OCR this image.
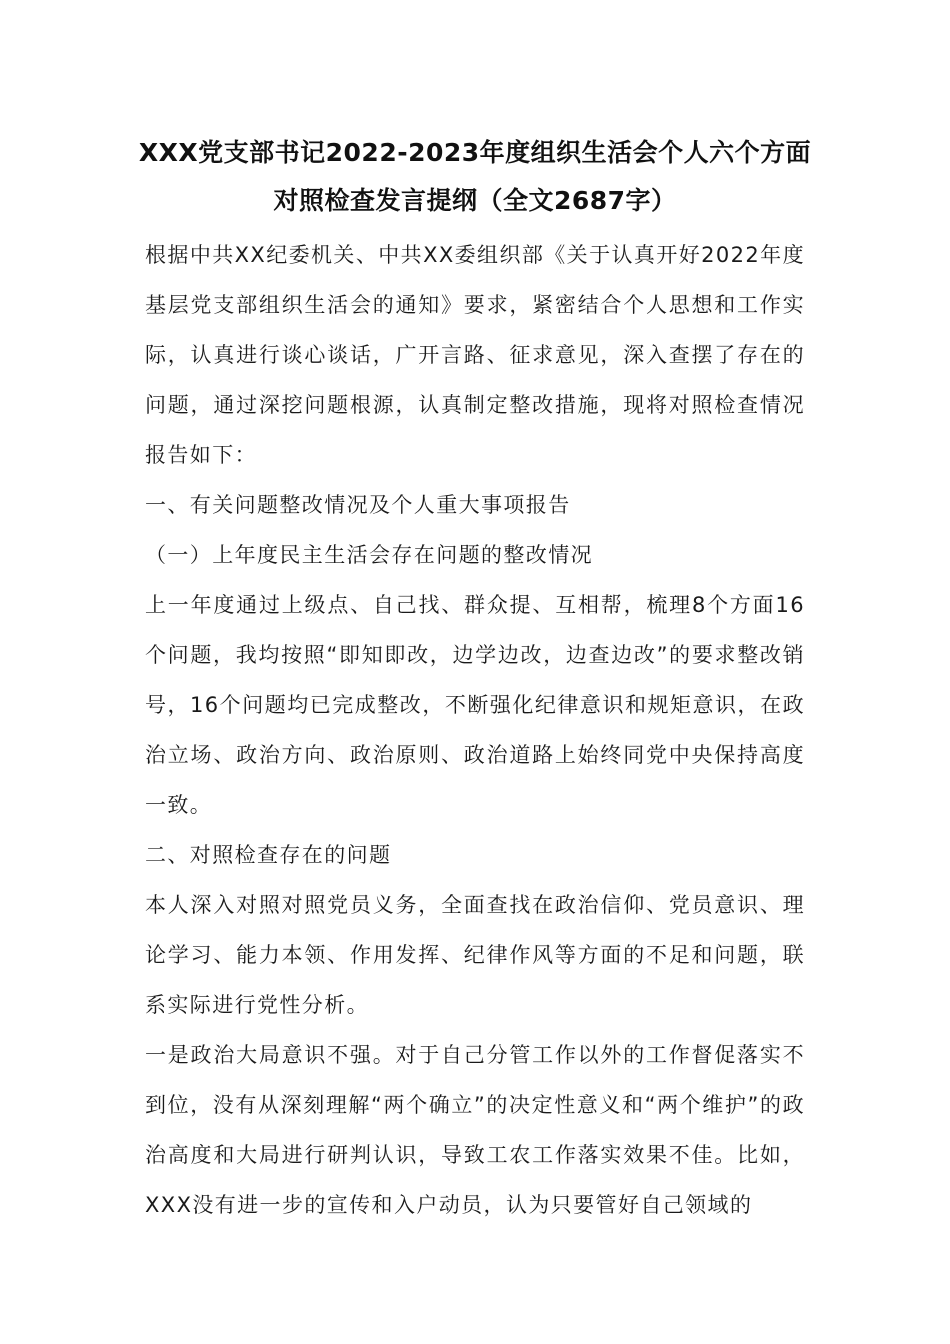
XXX党支部书记2022-2023年度组织生活会个人六个方面
对照检查发言提纲（全文2687字）

根据中共XX纪委机关、中共XX委组织部《关于认真开好2022年度基层党支部组织生活会的通知》要求，紧密结合个人思想和工作实际，认真进行谈心谈话，广开言路、征求意见，深入查摆了存在的问题，通过深挖问题根源，认真制定整改措施，现将对照检查情况报告如下：

一、有关问题整改情况及个人重大事项报告

（一）上年度民主生活会存在问题的整改情况

上一年度通过上级点、自己找、群众提、互相帮，梳理8个方面16个问题，我均按照“即知即改，边学边改，边查边改”的要求整改销号，16个问题均已完成整改，不断强化纪律意识和规矩意识，在政治立场、政治方向、政治原则、政治道路上始终同党中央保持高度一致。

二、对照检查存在的问题

本人深入对照对照党员义务，全面查找在政治信仰、党员意识、理论学习、能力本领、作用发挥、纪律作风等方面的不足和问题，联系实际进行党性分析。

一是政治大局意识不强。对于自己分管工作以外的工作督促落实不到位，没有从深刻理解“两个确立”的决定性意义和“两个维护”的政治高度和大局进行研判认识，导致工农工作落实效果不佳。比如，XXX没有进一步的宣传和入户动员，认为只要管好自己领域的
